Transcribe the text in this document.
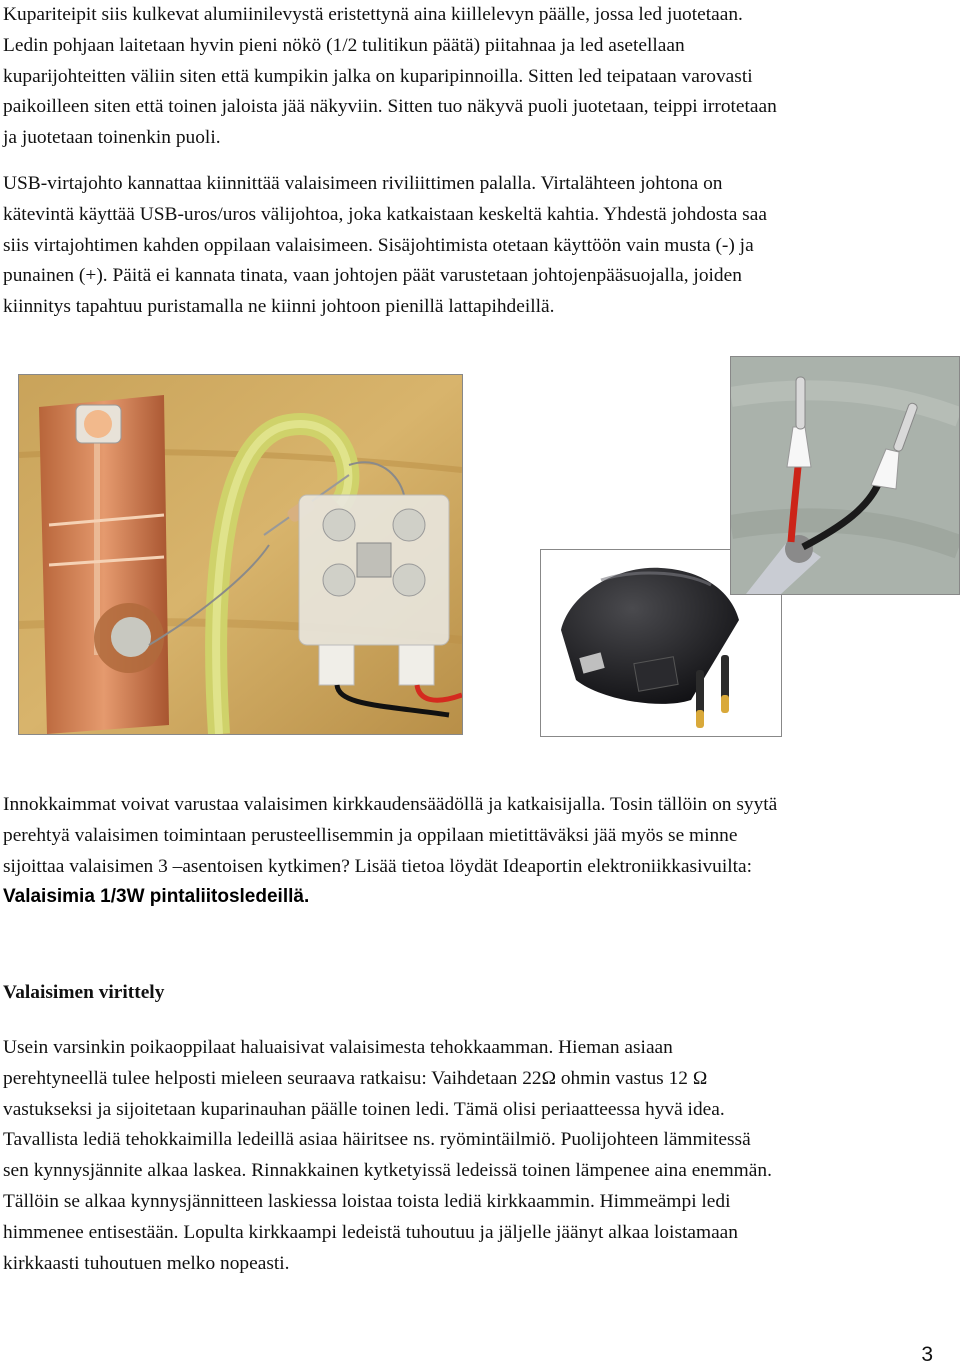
Kupariteipit siis kulkevat alumiinilevystä eristettynä aina kiillelevyn päälle, jossa led juotetaan.
Ledin pohjaan laitetaan hyvin pieni nökö (1/2 tulitikun päätä) piitahnaa ja led asetellaan
kuparijohteitten väliin siten että kumpikin jalka on kuparipinnoilla. Sitten led teipataan varovasti
paikoilleen siten että toinen jaloista jää näkyviin. Sitten tuo näkyvä puoli juotetaan, teippi irrotetaan
ja juotetaan toinenkin puoli.

USB-virtajohto kannattaa kiinnittää valaisimeen riviliittimen palalla. Virtalähteen johtona on
kätevintä käyttää USB-uros/uros välijohtoa, joka katkaistaan keskeltä kahtia. Yhdestä johdosta saa
siis virtajohtimen kahden oppilaan valaisimeen. Sisäjohtimista otetaan käyttöön vain musta (-) ja
punainen (+). Päitä ei kannata tinata, vaan johtojen päät varustetaan johtojenpääsuojalla, joiden
kiinnitys tapahtuu puristamalla ne kiinni johtoon pienillä lattapihdeillä.

Innokkaimmat voivat varustaa valaisimen kirkkaudensäädöllä ja katkaisijalla. Tosin tällöin on syytä
perehtyä valaisimen toimintaan perusteellisemmin ja oppilaan mietittäväksi jää myös se minne
sijoittaa valaisimen 3 –asentoisen kytkimen? Lisää tietoa löydät Ideaportin elektroniikkasivuilta:
Valaisimia 1/3W pintaliitosledeillä.

Valaisimen virittely

Usein varsinkin poikaoppilaat haluaisivat valaisimesta tehokkaamman. Hieman asiaan
perehtyneellä tulee helposti mieleen seuraava ratkaisu: Vaihdetaan 22Ω ohmin vastus 12 Ω
vastukseksi ja sijoitetaan kuparinauhan päälle toinen ledi. Tämä olisi periaatteessa hyvä idea.
Tavallista lediä tehokkaimilla ledeillä asiaa häiritsee ns. ryömintäilmiö. Puolijohteen lämmitessä
sen kynnysjännite alkaa laskea. Rinnakkainen kytketyissä ledeissä toinen lämpenee aina enemmän.
Tällöin se alkaa kynnysjännitteen laskiessa loistaa toista lediä kirkkaammin. Himmeämpi ledi
himmenee entisestään. Lopulta kirkkaampi ledeistä tuhoutuu ja jäljelle jäänyt alkaa loistamaan
kirkkaasti tuhoutuen melko nopeasti.

3
